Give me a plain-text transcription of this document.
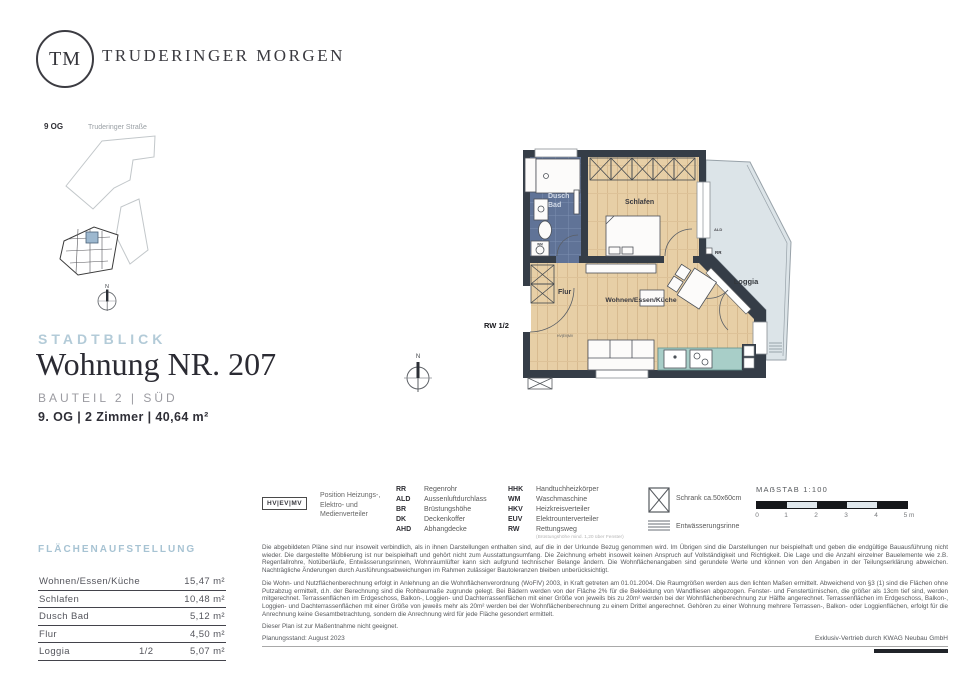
TM TRUDERINGER MORGEN
9 OG	Truderinger Straße
N
STADTBLICK
Wohnung NR. 207
BAUTEIL 2 | SÜD
9. OG | 2 Zimmer | 40,64 m²
N
WM
Dusch Bad	Schlafen
Loggia
Flur
Wohnen/Essen/Küche
RW 1/2
ALD
RR
HV|EV|MV
HV|EV|MV
Position Heizungs-, Elektro- und Medienverteiler
RR	Regenrohr
ALD	Aussenluftdurchlass
BR	Brüstungshöhe
DK	Deckenkoffer
AHD	Abhangdecke
HHK	Handtuchheizkörper
WM	Waschmaschine
HKV	Heizkreisverteiler
EUV	Elektrounterverteiler
RW	Rettungsweg
(Brüstungshöhe mind. 1,20 über Fenster)
Schrank ca.50x60cm
Entwässerungsrinne
MAẞSTAB 1:100
0	1	2	3	4	5 m
FLÄCHENAUFSTELLUNG
Wohnen/Essen/Küche	15,47 m²
Schlafen	10,48 m²
Dusch Bad	5,12 m²
Flur	4,50 m²
Loggia	1/2	5,07 m²

Die abgebildeten Pläne sind nur insoweit verbindlich, als in ihnen Darstellungen enthalten sind, auf die in der Urkunde Bezug genommen wird. Im Übrigen sind die Darstellungen nur beispielhaft und geben die endgültige Bauausführung nicht wieder. Die dargestellte Möblierung ist nur beispielhaft und gehört nicht zum Ausstattungsumfang. Die Zeichnung erhebt insoweit keinen Anspruch auf Vollständigkeit und Richtigkeit. Die Lage und die Anzahl einzelner Bauelemente wie z.B. Regenfallrohre, Notüberläufe, Entwässerungsrinnen, Wohnraumlüfter kann sich aufgrund technischer Belange ändern. Die Wohnflächenangaben sind gerundete Werte und können von den Angaben in der Teilungserklärung abweichen. Nachträgliche Änderungen durch Ausführungsabweichungen im Rahmen zulässiger Bautoleranzen bleiben unberücksichtigt.

Die Wohn- und Nutzflächenberechnung erfolgt in Anlehnung an die Wohnflächenverordnung (WoFlV) 2003, in Kraft getreten am 01.01.2004. Die Raumgrößen werden aus den lichten Maßen ermittelt. Abweichend von §3 (1) sind die Flächen ohne Putzabzug ermittelt, d.h. der Berechnung sind die Rohbaumaße zugrunde gelegt. Bei Bädern werden von der Fläche 2% für die Bekleidung von Wandfliesen abgezogen. Fenster- und Fenstertürnischen, die größer als 13cm tief sind, werden mitgerechnet. Terrassenflächen im Erdgeschoss, Balkon-, Loggien- und Dachterrassenflächen mit einer Größe von jeweils bis zu 20m² werden bei der Wohnflächenberechnung zur Hälfte angerechnet. Terrassenflächen im Erdgeschoss, Balkon-, Loggien- und Dachterrassenflächen mit einer Größe von jeweils mehr als 20m² werden bei der Wohnflächenberechnung zu einem Drittel angerechnet. Gehören zu einer Wohnung mehrere Terrassen-, Balkon- oder Loggienflächen, erfolgt für die Anrechnung keine Gesamtbetrachtung, sondern die Anrechnung wird für jede Fläche gesondert ermittelt.

Dieser Plan ist zur Maßentnahme nicht geeignet.

Planungsstand: August 2023	Exklusiv-Vertrieb durch KWAG Neubau GmbH
